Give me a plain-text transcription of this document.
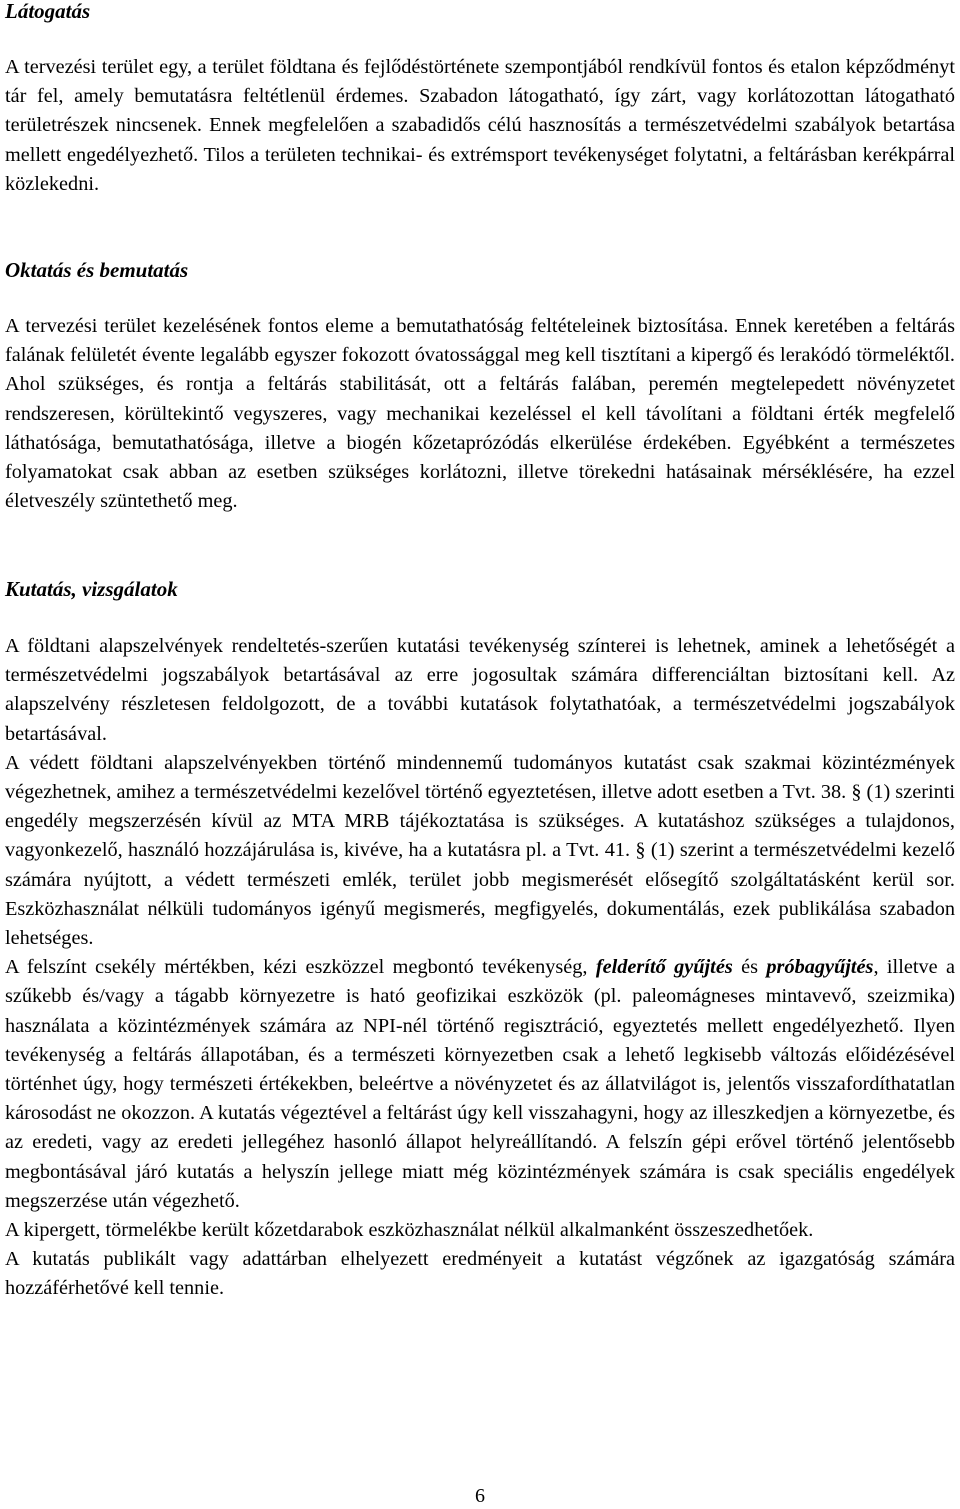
Látogatás

A tervezési terület egy, a terület földtana és fejlődéstörténete szempontjából rendkívül fontos és etalon képződményt tár fel, amely bemutatásra feltétlenül érdemes. Szabadon látogatható, így zárt, vagy korlátozottan látogatható területrészek nincsenek. Ennek megfelelően a szabadidős célú hasznosítás a természetvédelmi szabályok betartása mellett engedélyezhető. Tilos a területen technikai- és extrémsport tevékenységet folytatni, a feltárásban kerékpárral közlekedni.

Oktatás és bemutatás

A tervezési terület kezelésének fontos eleme a bemutathatóság feltételeinek biztosítása. Ennek keretében a feltárás falának felületét évente legalább egyszer fokozott óvatossággal meg kell tisztítani a kipergő és lerakódó törmeléktől. Ahol szükséges, és rontja a feltárás stabilitását, ott a feltárás falában, peremén megtelepedett növényzetet rendszeresen, körültekintő vegyszeres, vagy mechanikai kezeléssel el kell távolítani a földtani érték megfelelő láthatósága, bemutathatósága, illetve a biogén kőzetaprózódás elkerülése érdekében. Egyébként a természetes folyamatokat csak abban az esetben szükséges korlátozni, illetve törekedni hatásainak mérséklésére, ha ezzel életveszély szüntethető meg.

Kutatás, vizsgálatok

A földtani alapszelvények rendeltetés-szerűen kutatási tevékenység színterei is lehetnek, aminek a lehetőségét a természetvédelmi jogszabályok betartásával az erre jogosultak számára differenciáltan biztosítani kell. Az alapszelvény részletesen feldolgozott, de a további kutatások folytathatóak, a természetvédelmi jogszabályok betartásával.

A védett földtani alapszelvényekben történő mindennemű tudományos kutatást csak szakmai közintézmények végezhetnek, amihez a természetvédelmi kezelővel történő egyeztetésen, illetve adott esetben a Tvt. 38. § (1) szerinti engedély megszerzésén kívül az MTA MRB tájékoztatása is szükséges. A kutatáshoz szükséges a tulajdonos, vagyonkezelő, használó hozzájárulása is, kivéve, ha a kutatásra pl. a Tvt. 41. § (1) szerint a természetvédelmi kezelő számára nyújtott, a védett természeti emlék, terület jobb megismerését elősegítő szolgáltatásként kerül sor. Eszközhasználat nélküli tudományos igényű megismerés, megfigyelés, dokumentálás, ezek publikálása szabadon lehetséges.

A felszínt csekély mértékben, kézi eszközzel megbontó tevékenység, felderítő gyűjtés és próbagyűjtés, illetve a szűkebb és/vagy a tágabb környezetre is ható geofizikai eszközök (pl. paleomágneses mintavevő, szeizmika) használata a közintézmények számára az NPI-nél történő regisztráció, egyeztetés mellett engedélyezhető. Ilyen tevékenység a feltárás állapotában, és a természeti környezetben csak a lehető legkisebb változás előidézésével történhet úgy, hogy természeti értékekben, beleértve a növényzetet és az állatvilágot is, jelentős visszafordíthatatlan károsodást ne okozzon. A kutatás végeztével a feltárást úgy kell visszahagyni, hogy az illeszkedjen a környezetbe, és az eredeti, vagy az eredeti jellegéhez hasonló állapot helyreállítandó. A felszín gépi erővel történő jelentősebb megbontásával járó kutatás a helyszín jellege miatt még közintézmények számára is csak speciális engedélyek megszerzése után végezhető.

A kipergett, törmelékbe került kőzetdarabok eszközhasználat nélkül alkalmanként összeszedhetőek.

A kutatás publikált vagy adattárban elhelyezett eredményeit a kutatást végzőnek az igazgatóság számára hozzáférhetővé kell tennie.

6
